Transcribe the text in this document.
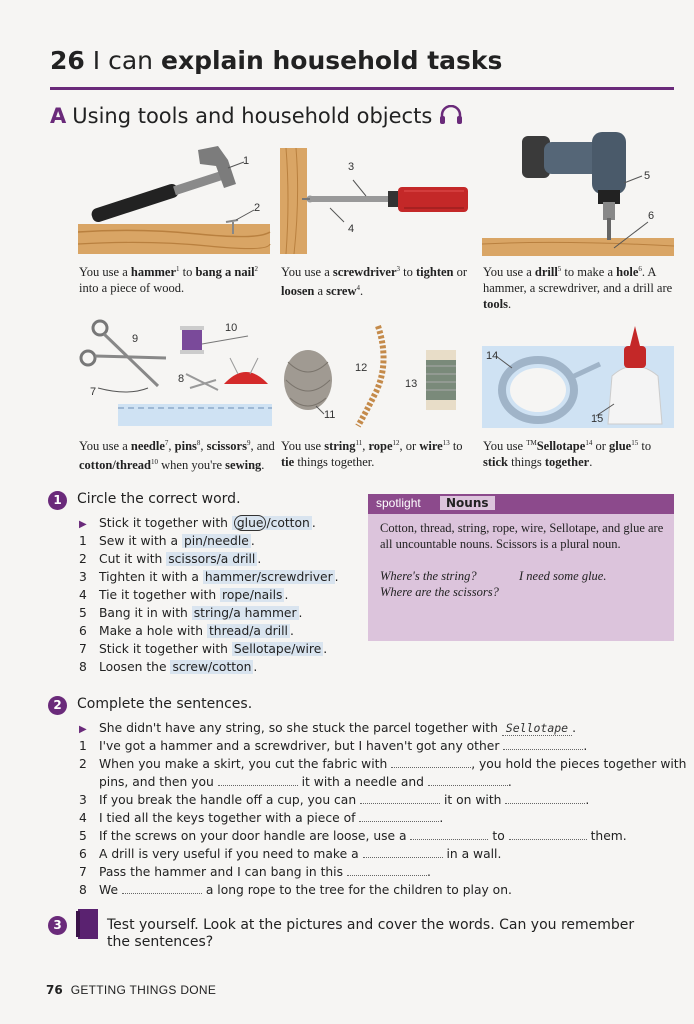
26 I can explain household tasks
A Using tools and household objects
1
2
3
4
5
6
You use a hammer$^1$ to bang a nail$^2$ into a piece of wood.
You use a screwdriver$^3$ to tighten or loosen a screw$^4$.
You use a drill$^5$ to make a hole$^6$. A hammer, a screwdriver, and a drill are tools.
9
10
8
7
12
13
11
14
15
You use a needle$^7$, pins$^8$, scissors$^9$, and cotton/thread$^{10}$ when you're sewing.
You use string$^{11}$, rope$^{12}$, or wire$^{13}$ to tie things together.
You use ™Sellotape$^{14}$ or glue$^{15}$ to stick things together.
1	Circle the correct word.
▶ Stick it together with glue /cotton .
1 Sew it with a pin/needle .
2 Cut it with scissors/a drill .
3 Tighten it with a hammer/screwdriver .
4 Tie it together with rope/nails .
5 Bang it in with string/a hammer .
6 Make a hole with thread/a drill .
7 Stick it together with Sellotape/wire .
8 Loosen the screw/cotton .
spotlight	Nouns
Cotton, thread, string, rope, wire, Sellotape, and glue are all uncountable nouns. Scissors is a plural noun.
Where's the string?	I need some glue.
Where are the scissors?
2	Complete the sentences.
▶ She didn't have any string, so she stuck the parcel together with Sellotape .
1 I've got a hammer and a screwdriver, but I haven't got any other	.
2 When you make a skirt, you cut the fabric with	, you hold the pieces together with
pins, and then you	it with a needle and	.
3 If you break the handle off a cup, you can	it on with	.
4 I tied all the keys together with a piece of	.
5 If the screws on your door handle are loose, use a	to	them.
6 A drill is very useful if you need to make a	in a wall.
7 Pass the hammer and I can bang in this	.
8 We	a long rope to the tree for the children to play on.
3	Test yourself. Look at the pictures and cover the words. Can you remember
the sentences?
76 GETTING THINGS DONE
